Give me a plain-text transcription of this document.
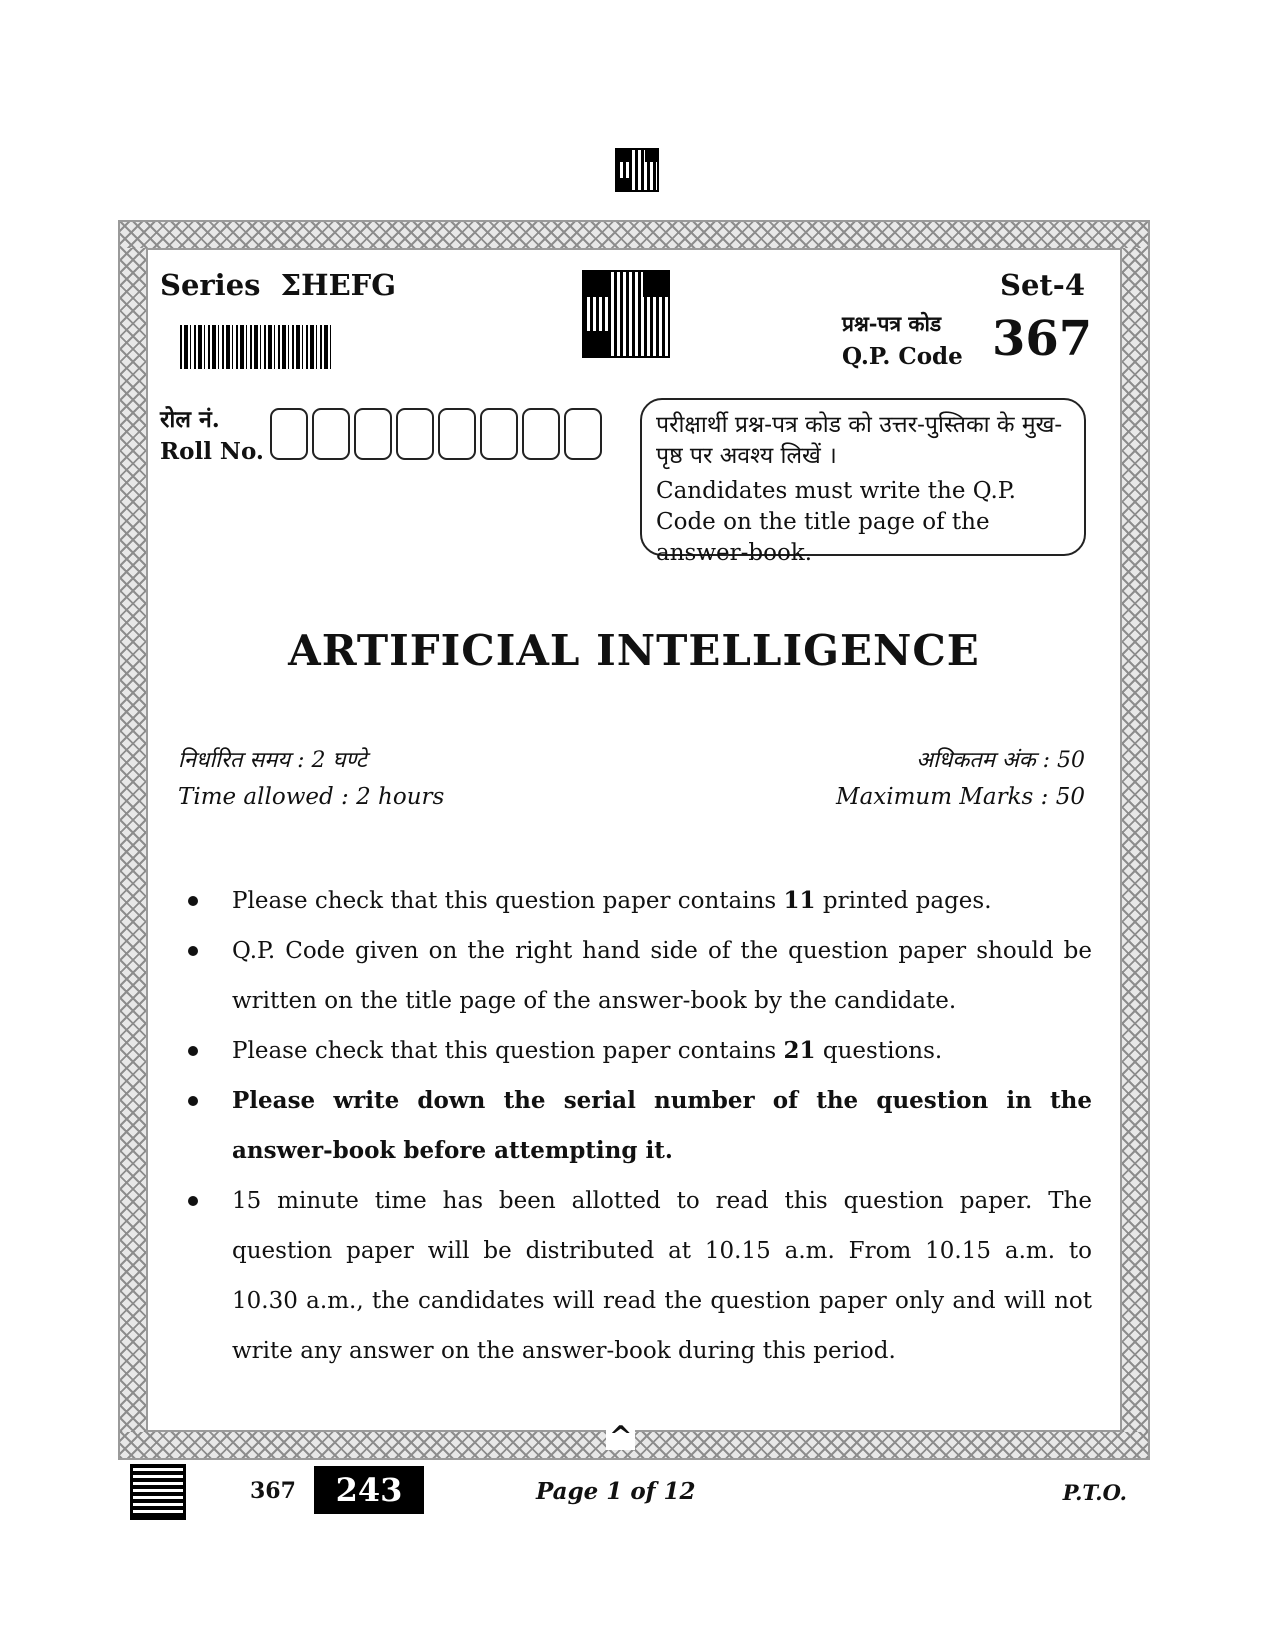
Series ΣHEFG	Set-4
प्रश्न-पत्र कोड
Q.P. Code 367
रोल नं.
Roll No.
परीक्षार्थी प्रश्न-पत्र कोड को उत्तर-पुस्तिका के मुख-पृष्ठ पर अवश्य लिखें ।
Candidates must write the Q.P. Code on the title page of the answer-book.
ARTIFICIAL INTELLIGENCE
निर्धारित समय : 2 घण्टे
Time allowed : 2 hours
अधिकतम अंक : 50
Maximum Marks : 50
Please check that this question paper contains 11 printed pages.
Q.P. Code given on the right hand side of the question paper should be written on the title page of the answer-book by the candidate.
Please check that this question paper contains 21 questions.
Please write down the serial number of the question in the answer-book before attempting it.
15 minute time has been allotted to read this question paper. The question paper will be distributed at 10.15 a.m. From 10.15 a.m. to 10.30 a.m., the candidates will read the question paper only and will not write any answer on the answer-book during this period.
^
367	243	Page 1 of 12	P.T.O.
